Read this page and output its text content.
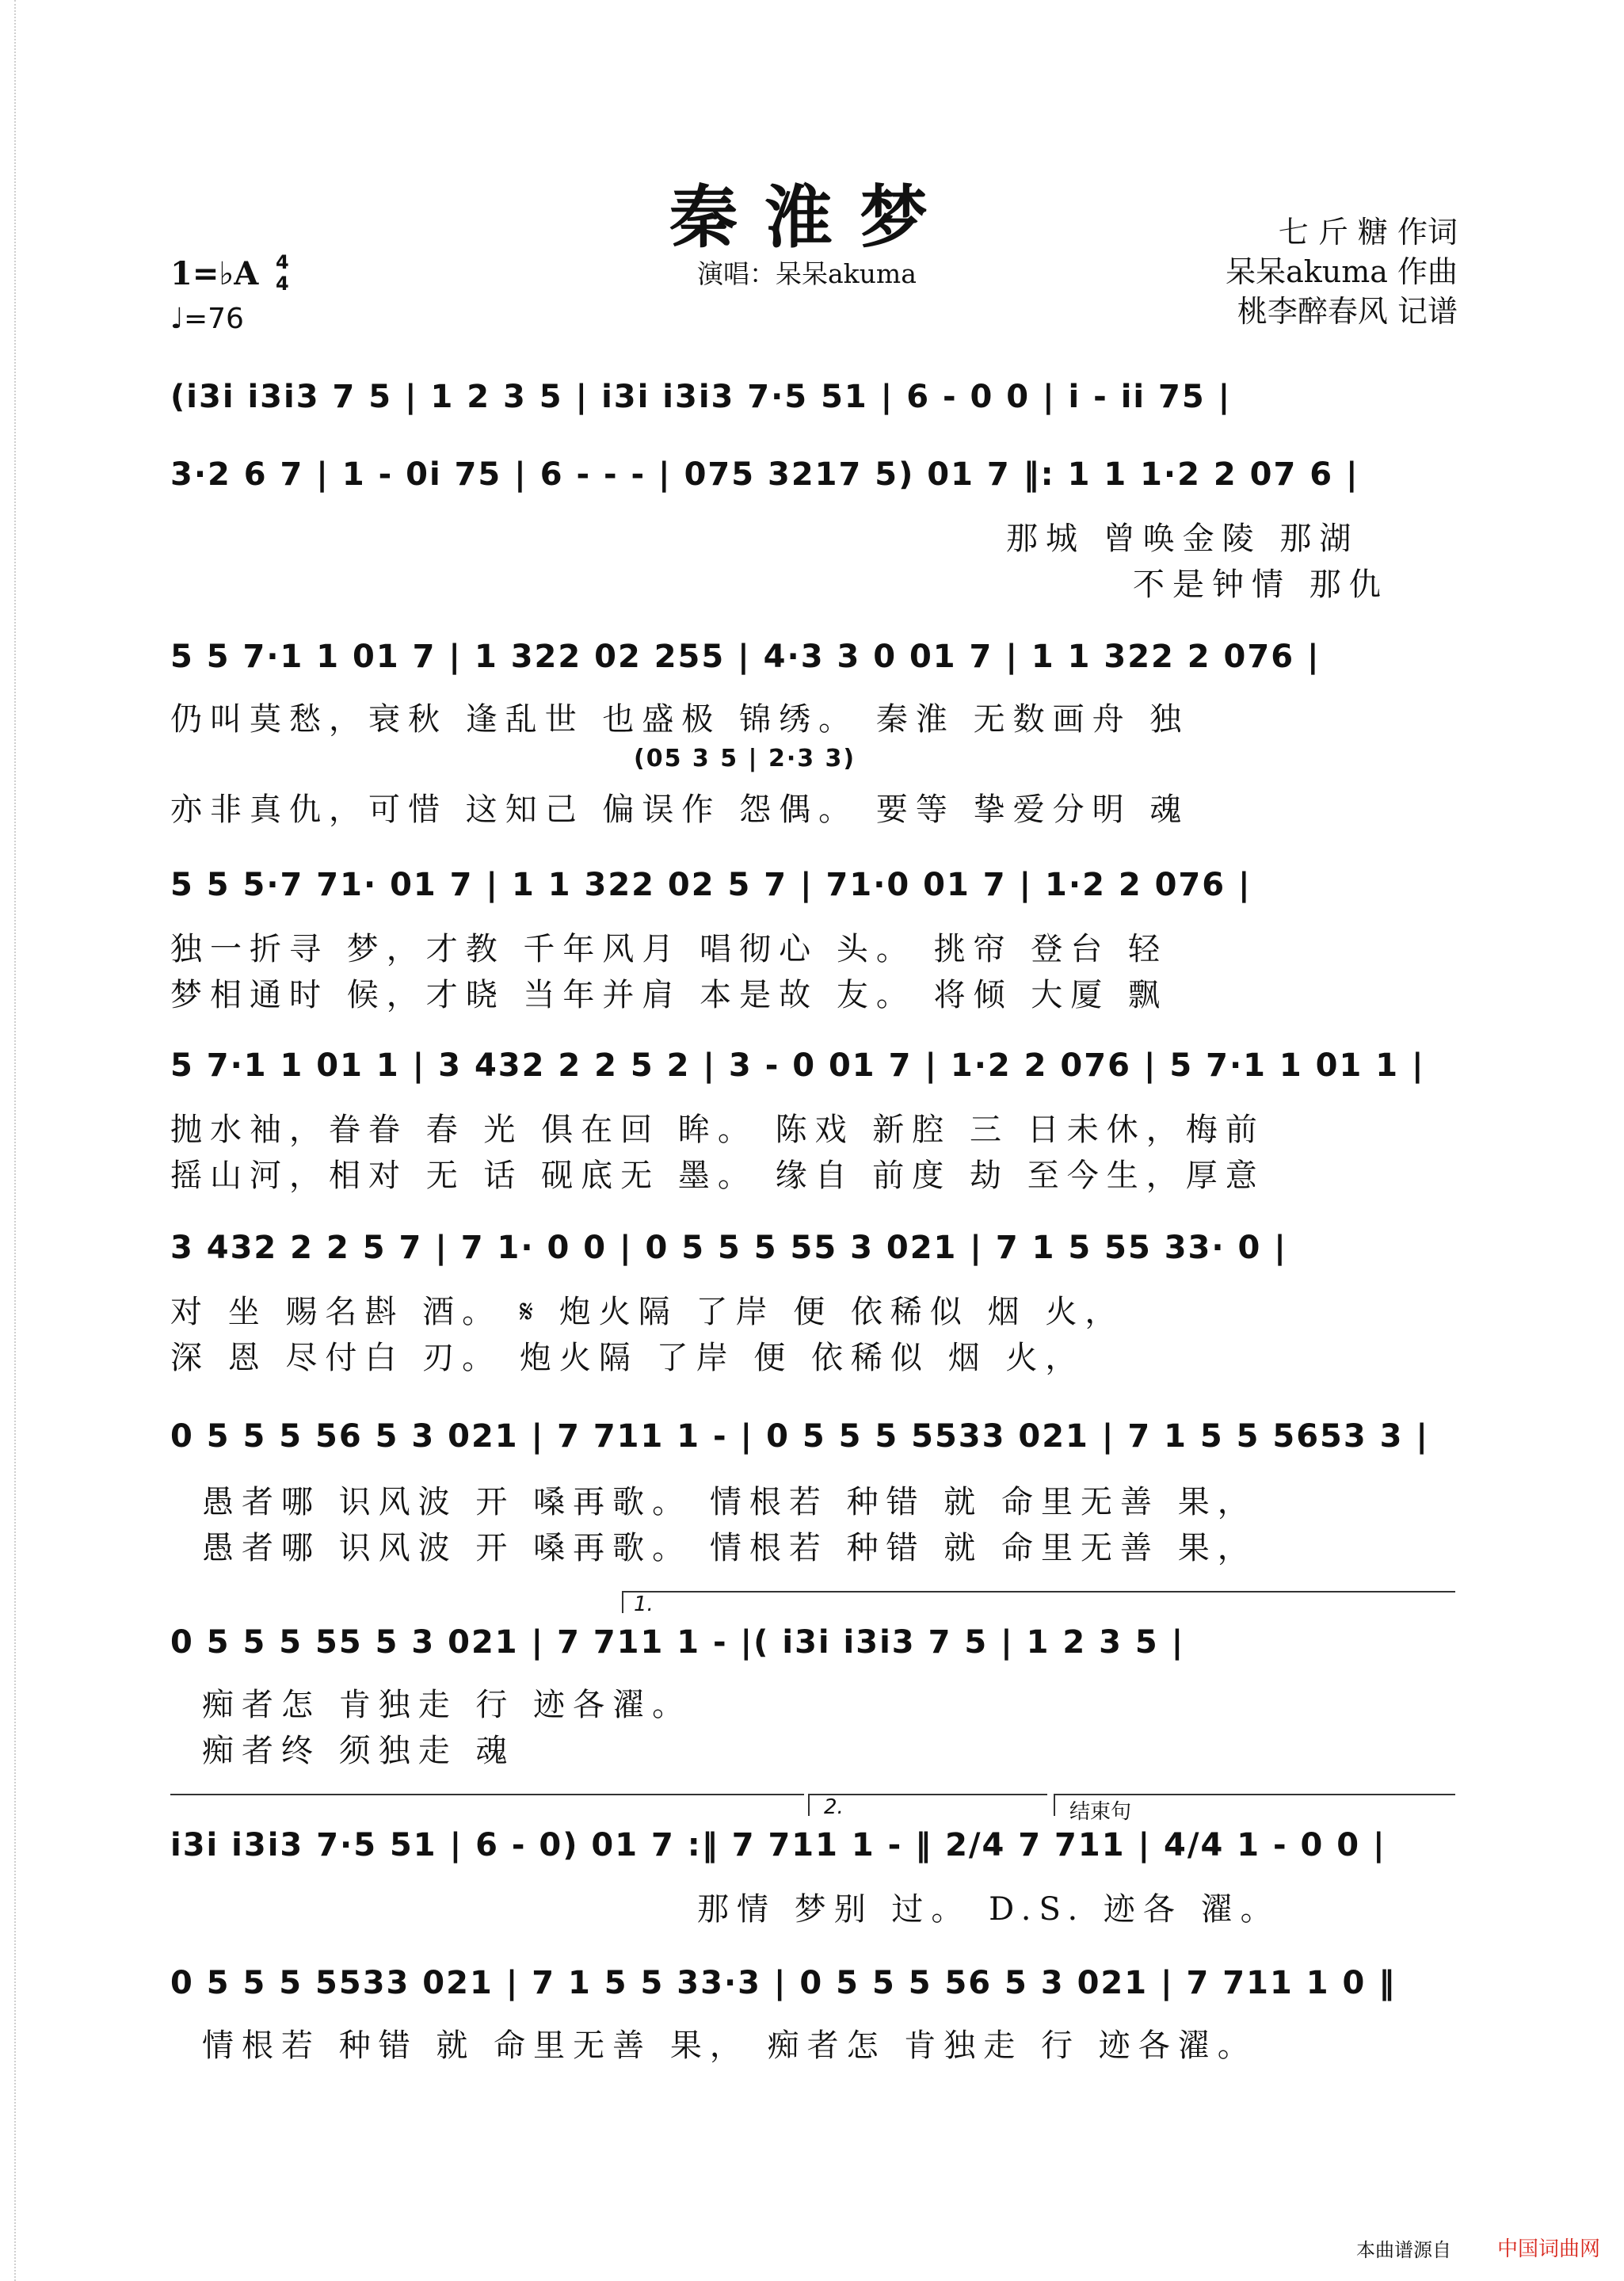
秦淮梦
演唱：呆呆akuma
七 斤 糖 作词
呆呆akuma 作曲
桃李醉春风 记谱
1=♭A 4
4
♩=76
(i3i i3i3 7 5 | 1 2 3 5 | i3i i3i3 7·5 51 | 6 - 0 0 | i - ii 75 |
3·2 6 7 | 1 - 0i 75 | 6 - - - | 075 3217 5) 01 7 ‖: 1 1 1·2 2 07 6 |
那城 曾唤金陵 那湖
不是钟情 那仇
5 5 7·1 1 01 7 | 1 322 02 255 | 4·3 3 0 01 7 | 1 1 322 2 076 |
仍叫莫愁，衰秋 逢乱世 也盛极 锦绣。 秦淮 无数画舟 独
(05 3 5 | 2·3 3)
亦非真仇，可惜 这知己 偏误作 怨偶。 要等 挚爱分明 魂
5 5 5·7 71· 01 7 | 1 1 322 02 5 7 | 71·0 01 7 | 1·2 2 076 |
独一折寻 梦，才教 千年风月 唱彻心 头。 挑帘 登台 轻
梦相通时 候，才晓 当年并肩 本是故 友。 将倾 大厦 飘
5 7·1 1 01 1 | 3 432 2 2 5 2 | 3 - 0 01 7 | 1·2 2 076 | 5 7·1 1 01 1 |
抛水袖，眷眷 春 光 俱在回 眸。 陈戏 新腔 三 日未休，梅前
摇山河，相对 无 话 砚底无 墨。 缘自 前度 劫 至今生，厚意
3 432 2 2 5 7 | 7 1· 0 0 | 0 5 5 5 55 3 021 | 7 1 5 55 33· 0 |
对 坐 赐名斟 酒。 𝄋 炮火隔 了岸 便 依稀似 烟 火，
深 恩 尽付白 刃。 炮火隔 了岸 便 依稀似 烟 火，
0 5 5 5 56 5 3 021 | 7 711 1 - | 0 5 5 5 5533 021 | 7 1 5 5 5653 3 |
愚者哪 识风波 开 嗓再歌。 情根若 种错 就 命里无善 果，
愚者哪 识风波 开 嗓再歌。 情根若 种错 就 命里无善 果，
1.
0 5 5 5 55 5 3 021 | 7 711 1 - |( i3i i3i3 7 5 | 1 2 3 5 |
痴者怎 肯独走 行 迹各濯。
痴者终 须独走 魂
2.	结束句
i3i i3i3 7·5 51 | 6 - 0) 01 7 :‖ 7 711 1 - ‖ 2/4 7 711 | 4/4 1 - 0 0 |
那情 梦别 过。 D.S. 迹各 濯。
0 5 5 5 5533 021 | 7 1 5 5 33·3 | 0 5 5 5 56 5 3 021 | 7 711 1 0 ‖
情根若 种错 就 命里无善 果， 痴者怎 肯独走 行 迹各濯。
本曲谱源自 中国词曲网
